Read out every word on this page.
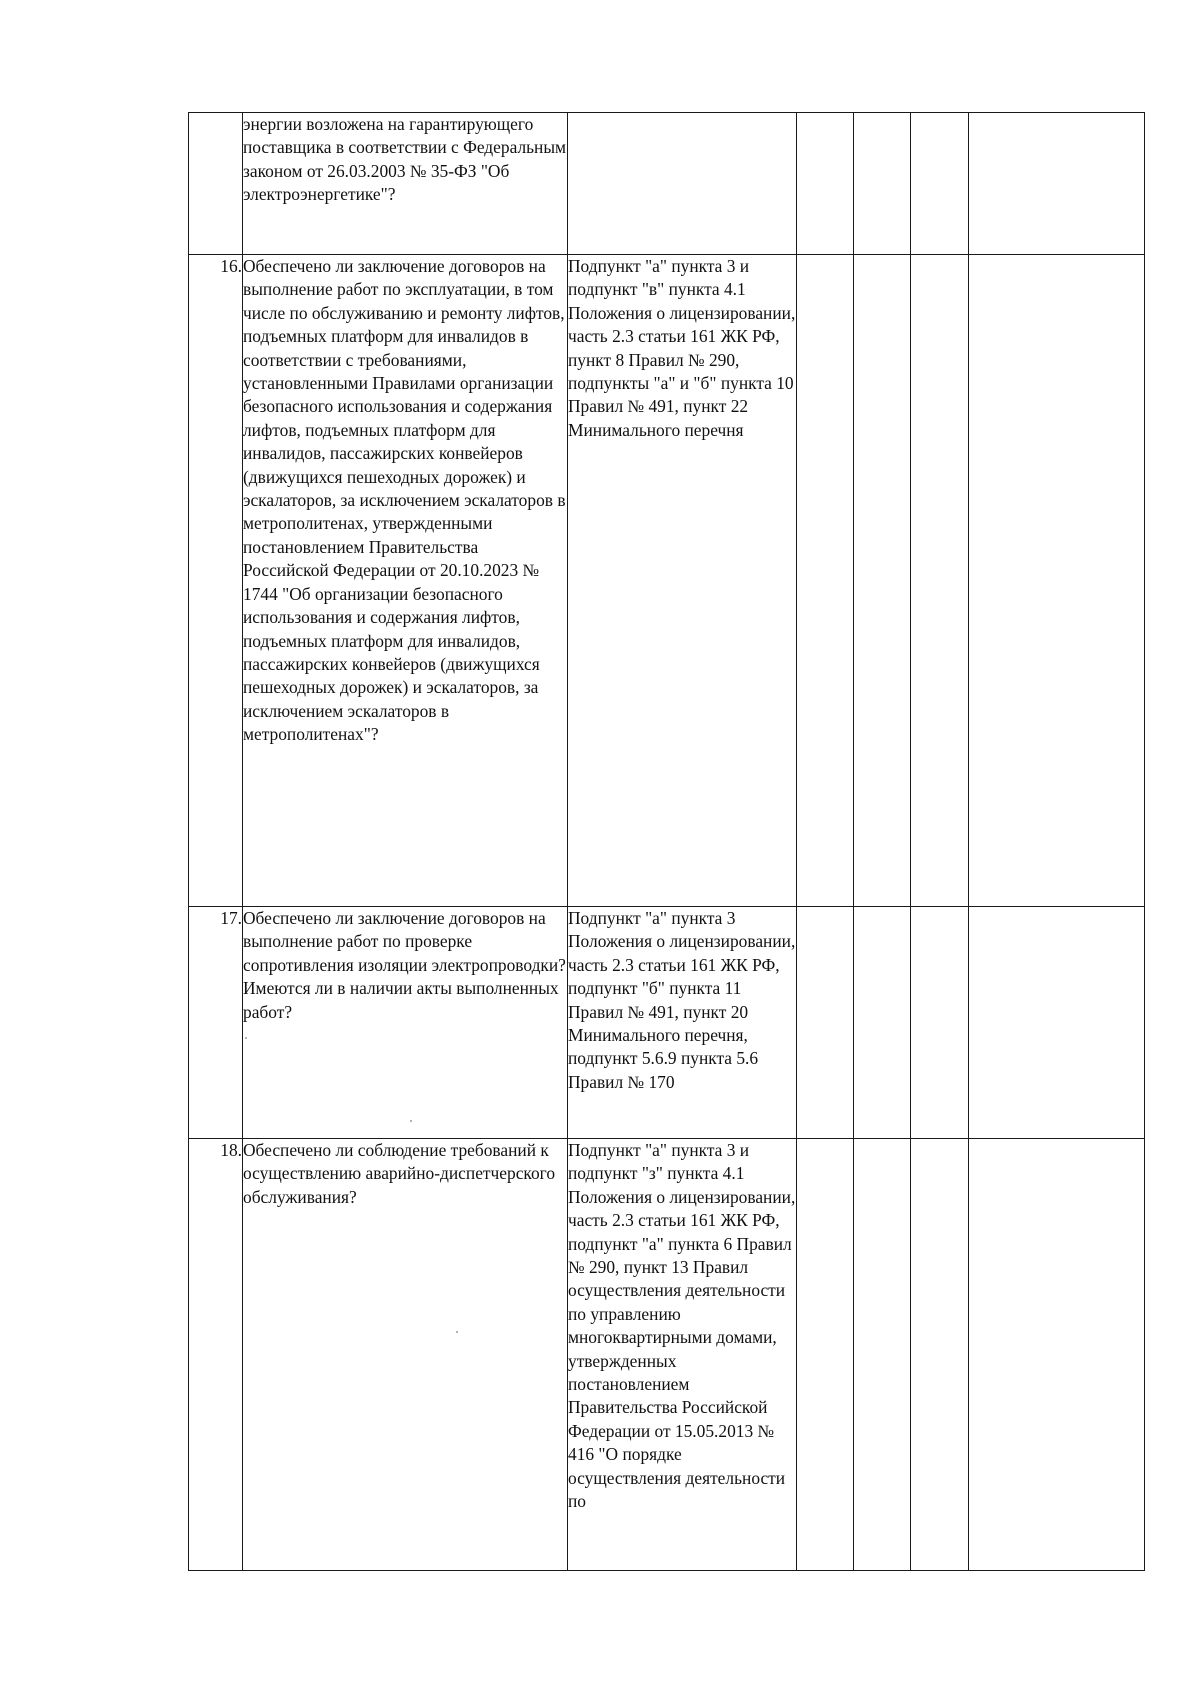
	энергии возложена на гарантирующего поставщика в соответствии с Федеральным законом от 26.03.2003 № 35-ФЗ "Об электроэнергетике"?					

16.	Обеспечено ли заключение договоров на выполнение работ по эксплуатации, в том числе по обслуживанию и ремонту лифтов, подъемных платформ для инвалидов в соответствии с требованиями, установленными Правилами организации безопасного использования и содержания лифтов, подъемных платформ для инвалидов, пассажирских конвейеров (движущихся пешеходных дорожек) и эскалаторов, за исключением эскалаторов в метрополитенах, утвержденными постановлением Правительства Российской Федерации от 20.10.2023 № 1744 "Об организации безопасного использования и содержания лифтов, подъемных платформ для инвалидов, пассажирских конвейеров (движущихся пешеходных дорожек) и эскалаторов, за исключением эскалаторов в метрополитенах"?	Подпункт "а" пункта 3 и подпункт "в" пункта 4.1 Положения о лицензировании, часть 2.3 статьи 161 ЖК РФ, пункт 8 Правил № 290, подпункты "а" и "б" пункта 10 Правил № 491, пункт 22 Минимального перечня				

17.	Обеспечено ли заключение договоров на выполнение работ по проверке сопротивления изоляции электропроводки? Имеются ли в наличии акты выполненных работ?	Подпункт "а" пункта 3 Положения о лицензировании, часть 2.3 статьи 161 ЖК РФ, подпункт "б" пункта 11 Правил № 491, пункт 20 Минимального перечня, подпункт 5.6.9 пункта 5.6 Правил № 170				

18.	Обеспечено ли соблюдение требований к осуществлению аварийно-диспетчерского обслуживания?	Подпункт "а" пункта 3 и подпункт "з" пункта 4.1 Положения о лицензировании, часть 2.3 статьи 161 ЖК РФ, подпункт "а" пункта 6 Правил № 290, пункт 13 Правил осуществления деятельности по управлению многоквартирными домами, утвержденных постановлением Правительства Российской Федерации от 15.05.2013 № 416 "О порядке осуществления деятельности по				
